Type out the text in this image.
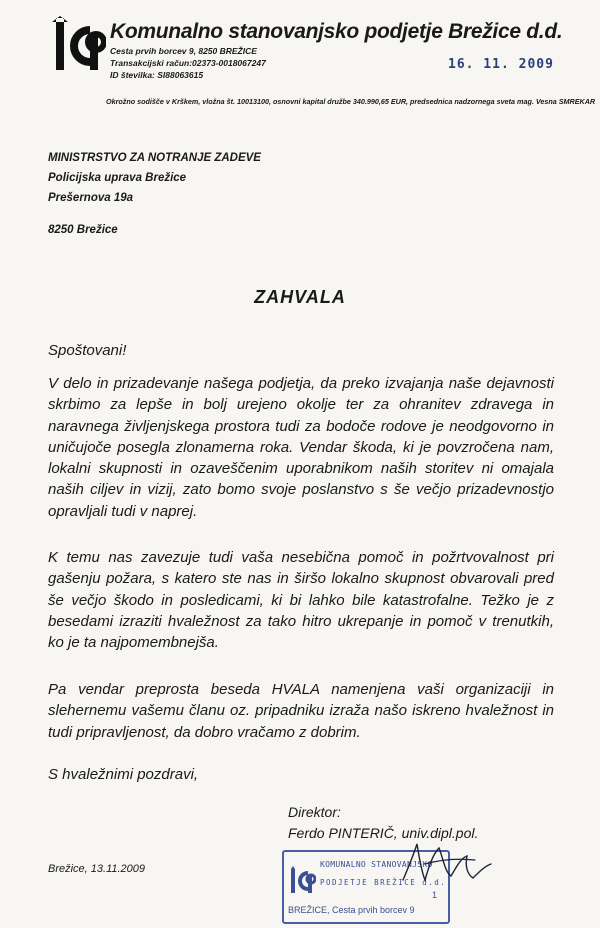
Komunalno stanovanjsko podjetje Brežice d.d.
Cesta prvih borcev 9, 8250 BREŽICE
Transakcijski račun:02373-0018067247
ID številka: SI88063615
16. 11. 2009
Okrožno sodišče v Krškem, vložna št. 10013100, osnovni kapital družbe 340.990,65 EUR, predsednica nadzornega sveta mag. Vesna SMREKAR
MINISTRSTVO ZA NOTRANJE ZADEVE
Policijska uprava Brežice
Prešernova 19a
8250 Brežice
ZAHVALA
Spoštovani!

V delo in prizadevanje našega podjetja, da preko izvajanja naše dejavnosti skrbimo za lepše in bolj urejeno okolje ter za ohranitev zdravega in naravnega življenjskega prostora tudi za bodoče rodove je neodgovorno in uničujoče posegla zlonamerna roka. Vendar škoda, ki je povzročena nam, lokalni skupnosti in ozaveščenim uporabnikom naših storitev ni omajala naših ciljev in vizij, zato bomo svoje poslanstvo s še večjo prizadevnostjo opravljali tudi v naprej.

K temu nas zavezuje tudi vaša nesebična pomoč in požrtvovalnost pri gašenju požara, s katero ste nas in širšo lokalno skupnost obvarovali pred še večjo škodo in posledicami, ki bi lahko bile katastrofalne. Težko je z besedami izraziti hvaležnost za tako hitro ukrepanje in pomoč v trenutkih, ko je ta najpomembnejša.

Pa vendar preprosta beseda HVALA namenjena vaši organizaciji in slehernemu vašemu članu oz. pripadniku izraža našo iskreno hvaležnost in tudi pripravljenost, da dobro vračamo z dobrim.

S hvaležnimi pozdravi,
Direktor:
Ferdo PINTERIČ, univ.dipl.pol.
Brežice, 13.11.2009	KOMUNALNO STANOVANJSKO
PODJETJE BREŽICE d.d.
1
BREŽICE, Cesta prvih borcev 9
